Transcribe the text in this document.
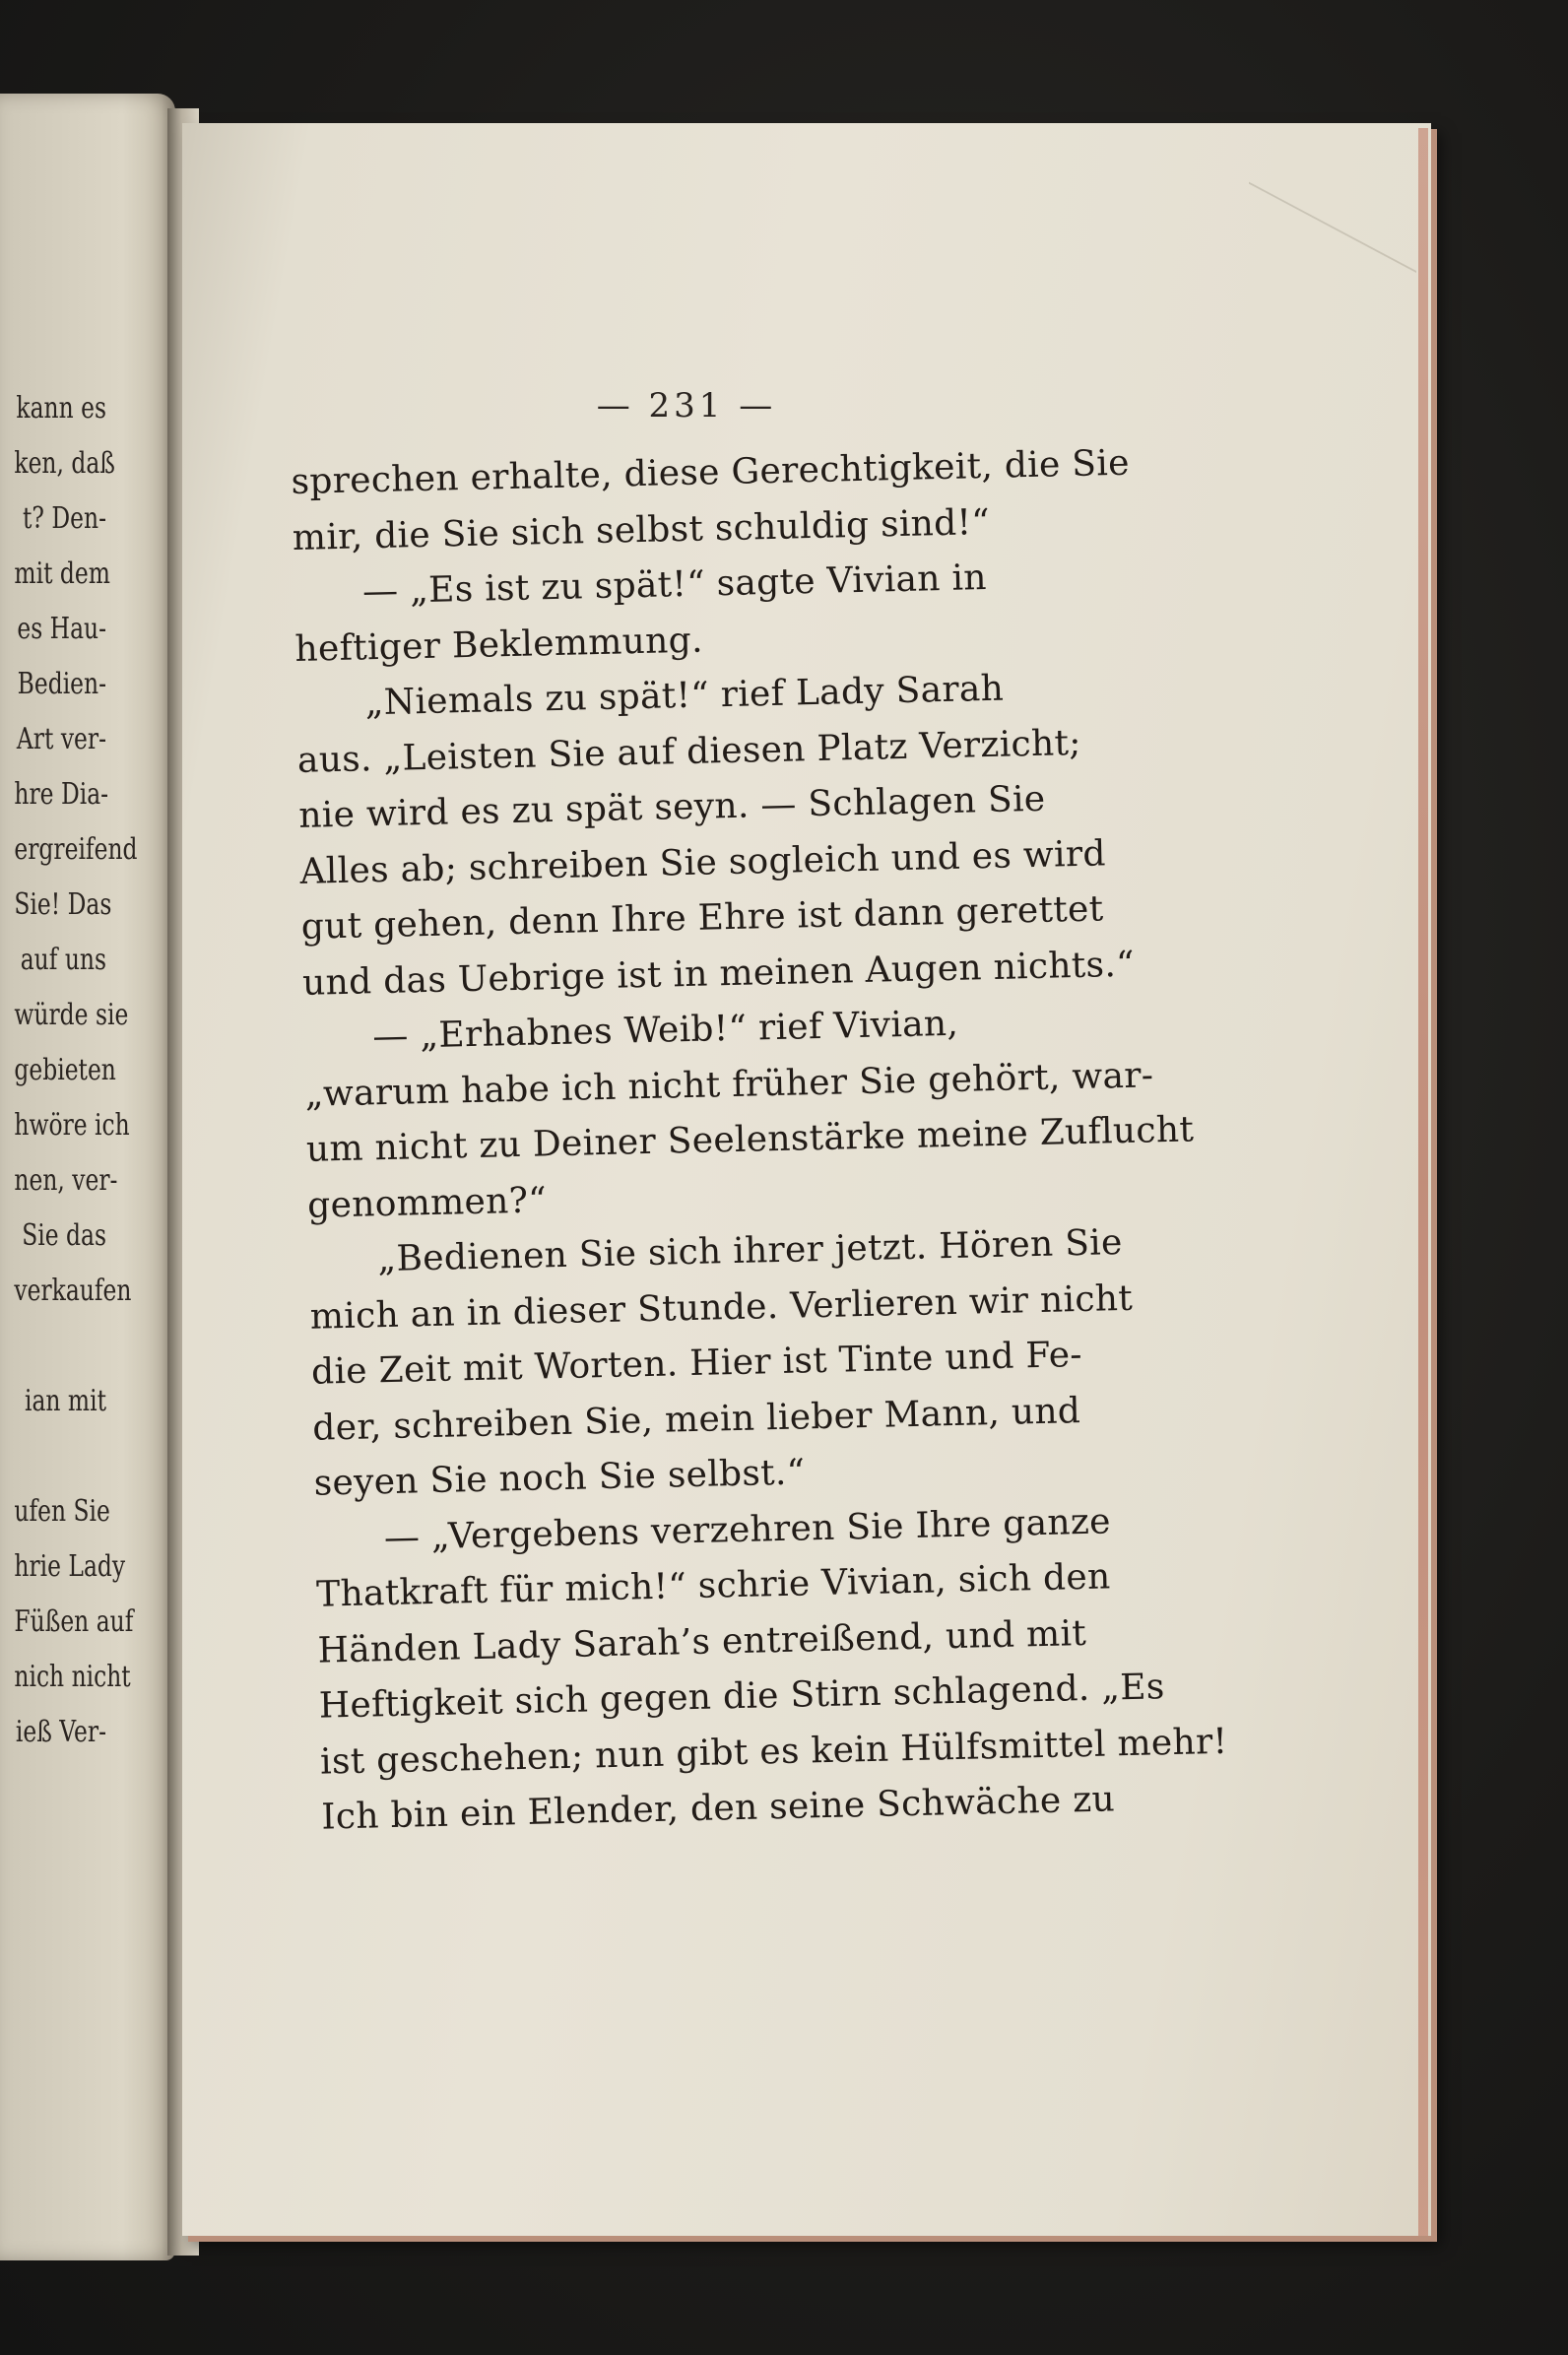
kann es
ken, daß
t? Den-
mit dem
es Hau-
Bedien-
Art ver-
hre Dia-
ergreifend
Sie! Das
auf uns
würde sie
gebieten
hwöre ich
nen, ver-
Sie das
verkaufen
ian mit
ufen Sie
hrie Lady
Füßen auf
nich nicht
ieß Ver-
— 231 —
sprechen erhalte, diese Gerechtigkeit, die Sie
mir, die Sie sich selbst schuldig sind!“
— „Es ist zu spät!“ sagte Vivian in
heftiger Beklemmung.
„Niemals zu spät!“ rief Lady Sarah
aus. „Leisten Sie auf diesen Platz Verzicht;
nie wird es zu spät seyn. — Schlagen Sie
Alles ab; schreiben Sie sogleich und es wird
gut gehen, denn Ihre Ehre ist dann gerettet
und das Uebrige ist in meinen Augen nichts.“
— „Erhabnes Weib!“ rief Vivian,
„warum habe ich nicht früher Sie gehört, war-
um nicht zu Deiner Seelenstärke meine Zuflucht
genommen?“
„Bedienen Sie sich ihrer jetzt. Hören Sie
mich an in dieser Stunde. Verlieren wir nicht
die Zeit mit Worten. Hier ist Tinte und Fe-
der, schreiben Sie, mein lieber Mann, und
seyen Sie noch Sie selbst.“
— „Vergebens verzehren Sie Ihre ganze
Thatkraft für mich!“ schrie Vivian, sich den
Händen Lady Sarah’s entreißend, und mit
Heftigkeit sich gegen die Stirn schlagend. „Es
ist geschehen; nun gibt es kein Hülfsmittel mehr!
Ich bin ein Elender, den seine Schwäche zu
